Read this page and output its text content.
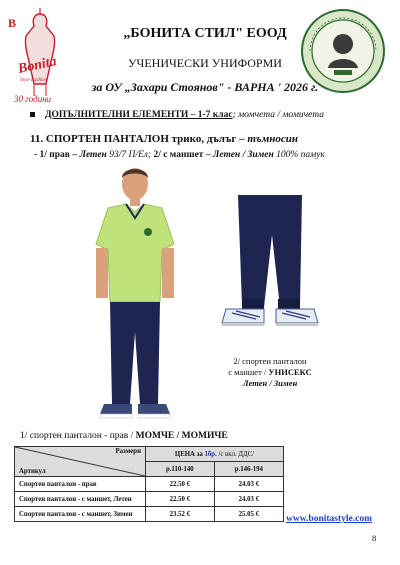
B
Bonita
Style Fashion
30 години
„БОНИТА СТИЛ" ЕООД
УЧЕНИЧЕСКИ УНИФОРМИ
за ОУ „Захари Стоянов" - ВАРНА ' 2026 г.
ДОПЪЛНИТЕЛНИ ЕЛЕМЕНТИ – 1-7 клас; момчета / момичета
11. СПОРТЕН ПАНТАЛОН трико, дълъг – тъмносин
- 1/ прав – Летен 93/7 П/Ел; 2/ с маншет – Летен / Зимен 100% памук
2/ спортен панталон
с маншет / УНИСЕКС
Летен / Зимен
1/ спортен панталон - прав / МОМЧЕ / МОМИЧЕ
Размери
Артикул	ЦЕНА за 1бр. /с вкл. ДДС/	
	р.110-140	р.146-194
Спортен панталон - прав	22.50 €	24.03 €
Спортен панталон - с маншет, Летен	22.50 €	24.03 €
Спортен панталон - с маншет, Зимен	23.52 €	25.05 €	www.bonitastyle.com
8
